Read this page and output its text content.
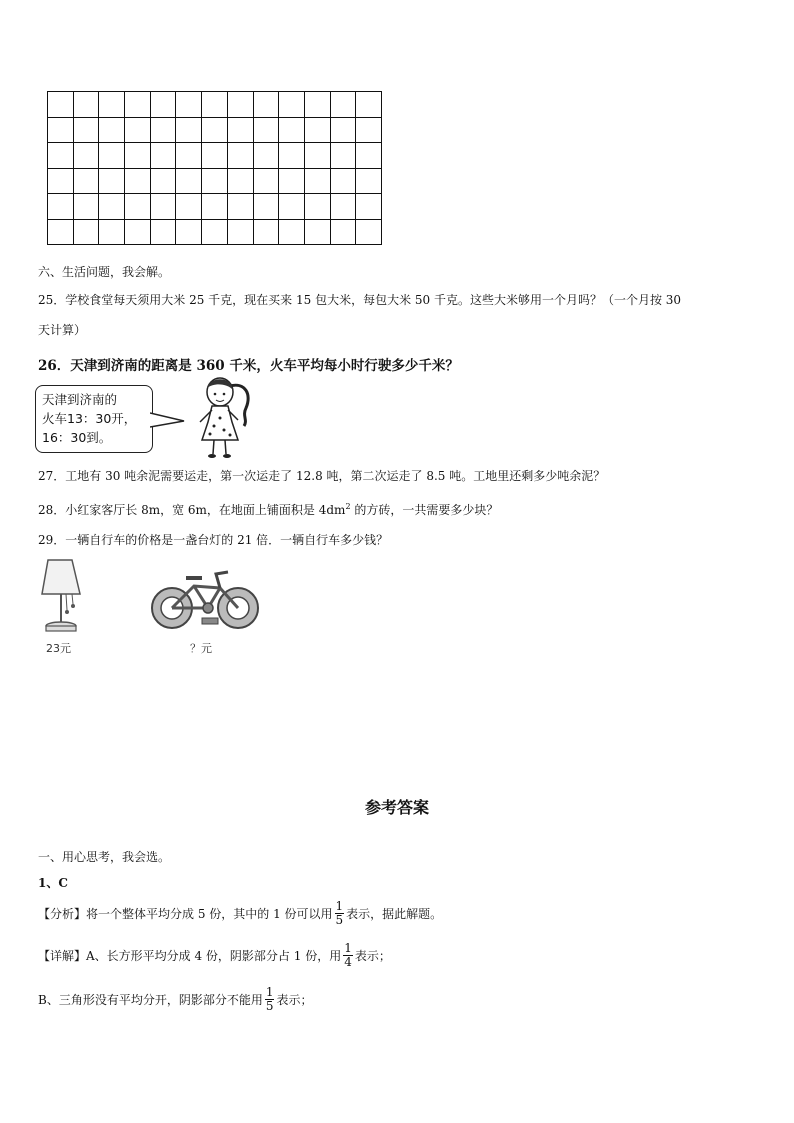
六、生活问题，我会解。
25．学校食堂每天须用大米 25 千克，现在买来 15 包大米，每包大米 50 千克。这些大米够用一个月吗？（一个月按 30
天计算）
26．天津到济南的距离是 360 千米，火车平均每小时行驶多少千米？
天津到济南的
火车13：30开，
16：30到。
27．工地有 30 吨余泥需要运走，第一次运走了 12.8 吨，第二次运走了 8.5 吨。工地里还剩多少吨余泥？
28．小红家客厅长 8m，宽 6m，在地面上铺面积是 $4dm^2$ 的方砖，一共需要多少块？
29．一辆自行车的价格是一盏台灯的 21 倍．一辆自行车多少钱？
23元	？元
参考答案
一、用心思考，我会选。
1、C
【分析】将一个整体平均分成 5 份，其中的 1 份可以用 $\frac{1}{5}$ 表示，据此解题。
【详解】A、长方形平均分成 4 份，阴影部分占 1 份，用 $\frac{1}{4}$ 表示；
B、三角形没有平均分开，阴影部分不能用 $\frac{1}{5}$ 表示；
